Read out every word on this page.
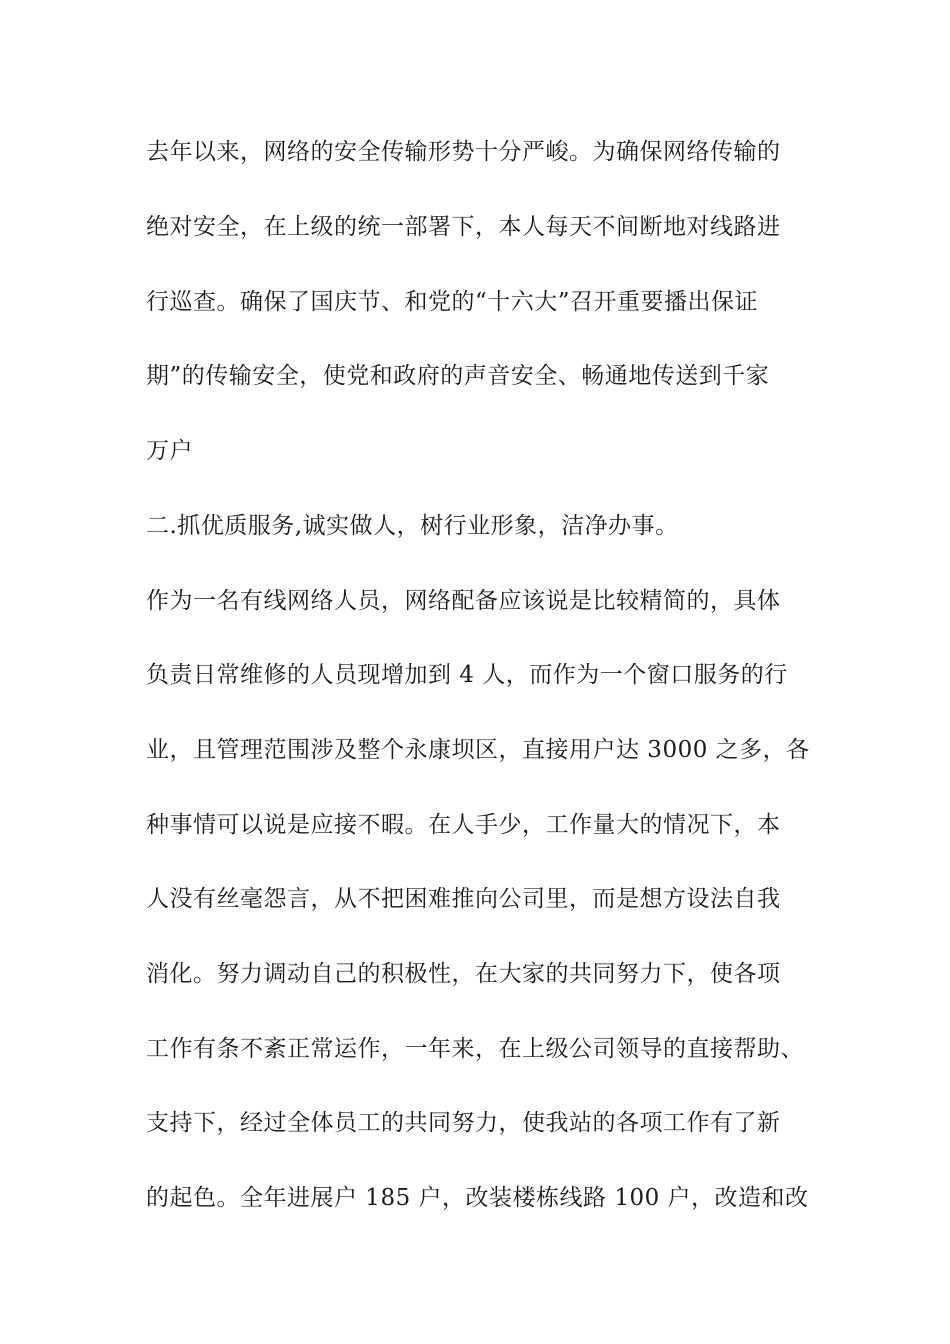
去年以来，网络的安全传输形势十分严峻。为确保网络传输的
绝对安全，在上级的统一部署下，本人每天不间断地对线路进
行巡查。确保了国庆节、和党的“十六大”召开重要播出保证
期”的传输安全，使党和政府的声音安全、畅通地传送到千家
万户
二.抓优质服务,诚实做人，树行业形象，洁净办事。
作为一名有线网络人员，网络配备应该说是比较精简的，具体
负责日常维修的人员现增加到 4 人，而作为一个窗口服务的行
业，且管理范围涉及整个永康坝区，直接用户达 3000 之多，各
种事情可以说是应接不暇。在人手少，工作量大的情况下，本
人没有丝毫怨言，从不把困难推向公司里，而是想方设法自我
消化。努力调动自己的积极性，在大家的共同努力下，使各项
工作有条不紊正常运作，一年来，在上级公司领导的直接帮助、
支持下，经过全体员工的共同努力，使我站的各项工作有了新
的起色。全年进展户 185 户，改装楼栋线路 100 户，改造和改
